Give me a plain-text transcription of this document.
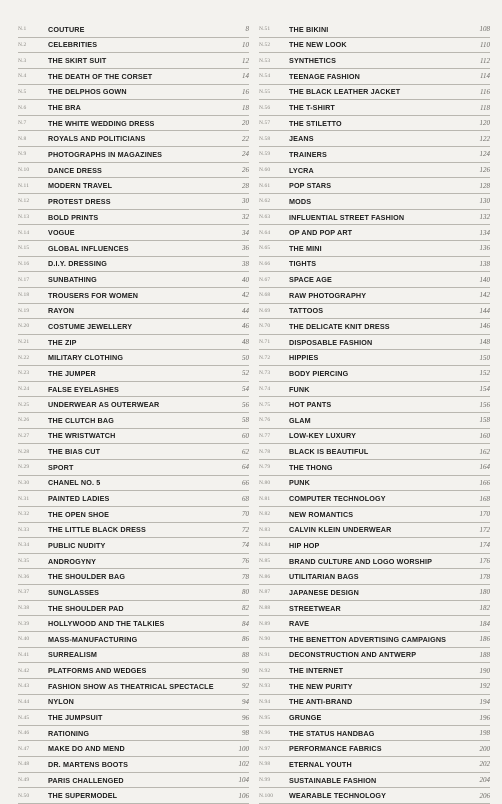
N.1	COUTURE	8
N.2	CELEBRITIES	10
N.3	THE SKIRT SUIT	12
N.4	THE DEATH OF THE CORSET	14
N.5	THE DELPHOS GOWN	16
N.6	THE BRA	18
N.7	THE WHITE WEDDING DRESS	20
N.8	ROYALS AND POLITICIANS	22
N.9	PHOTOGRAPHS IN MAGAZINES	24
N.10	DANCE DRESS	26
N.11	MODERN TRAVEL	28
N.12	PROTEST DRESS	30
N.13	BOLD PRINTS	32
N.14	VOGUE	34
N.15	GLOBAL INFLUENCES	36
N.16	D.I.Y. DRESSING	38
N.17	SUNBATHING	40
N.18	TROUSERS FOR WOMEN	42
N.19	RAYON	44
N.20	COSTUME JEWELLERY	46
N.21	THE ZIP	48
N.22	MILITARY CLOTHING	50
N.23	THE JUMPER	52
N.24	FALSE EYELASHES	54
N.25	UNDERWEAR AS OUTERWEAR	56
N.26	THE CLUTCH BAG	58
N.27	THE WRISTWATCH	60
N.28	THE BIAS CUT	62
N.29	SPORT	64
N.30	CHANEL NO. 5	66
N.31	PAINTED LADIES	68
N.32	THE OPEN SHOE	70
N.33	THE LITTLE BLACK DRESS	72
N.34	PUBLIC NUDITY	74
N.35	ANDROGYNY	76
N.36	THE SHOULDER BAG	78
N.37	SUNGLASSES	80
N.38	THE SHOULDER PAD	82
N.39	HOLLYWOOD AND THE TALKIES	84
N.40	MASS-MANUFACTURING	86
N.41	SURREALISM	88
N.42	PLATFORMS AND WEDGES	90
N.43	FASHION SHOW AS THEATRICAL SPECTACLE	92
N.44	NYLON	94
N.45	THE JUMPSUIT	96
N.46	RATIONING	98
N.47	MAKE DO AND MEND	100
N.48	DR. MARTENS BOOTS	102
N.49	PARIS CHALLENGED	104
N.50	THE SUPERMODEL	106
N.51	THE BIKINI	108
N.52	THE NEW LOOK	110
N.53	SYNTHETICS	112
N.54	TEENAGE FASHION	114
N.55	THE BLACK LEATHER JACKET	116
N.56	THE T-SHIRT	118
N.57	THE STILETTO	120
N.58	JEANS	122
N.59	TRAINERS	124
N.60	LYCRA	126
N.61	POP STARS	128
N.62	MODS	130
N.63	INFLUENTIAL STREET FASHION	132
N.64	OP AND POP ART	134
N.65	THE MINI	136
N.66	TIGHTS	138
N.67	SPACE AGE	140
N.68	RAW PHOTOGRAPHY	142
N.69	TATTOOS	144
N.70	THE DELICATE KNIT DRESS	146
N.71	DISPOSABLE FASHION	148
N.72	HIPPIES	150
N.73	BODY PIERCING	152
N.74	FUNK	154
N.75	HOT PANTS	156
N.76	GLAM	158
N.77	LOW-KEY LUXURY	160
N.78	BLACK IS BEAUTIFUL	162
N.79	THE THONG	164
N.80	PUNK	166
N.81	COMPUTER TECHNOLOGY	168
N.82	NEW ROMANTICS	170
N.83	CALVIN KLEIN UNDERWEAR	172
N.84	HIP HOP	174
N.85	BRAND CULTURE AND LOGO WORSHIP	176
N.86	UTILITARIAN BAGS	178
N.87	JAPANESE DESIGN	180
N.88	STREETWEAR	182
N.89	RAVE	184
N.90	THE BENETTON ADVERTISING CAMPAIGNS	186
N.91	DECONSTRUCTION AND ANTWERP	188
N.92	THE INTERNET	190
N.93	THE NEW PURITY	192
N.94	THE ANTI-BRAND	194
N.95	GRUNGE	196
N.96	THE STATUS HANDBAG	198
N.97	PERFORMANCE FABRICS	200
N.98	ETERNAL YOUTH	202
N.99	SUSTAINABLE FASHION	204
N.100	WEARABLE TECHNOLOGY	206
